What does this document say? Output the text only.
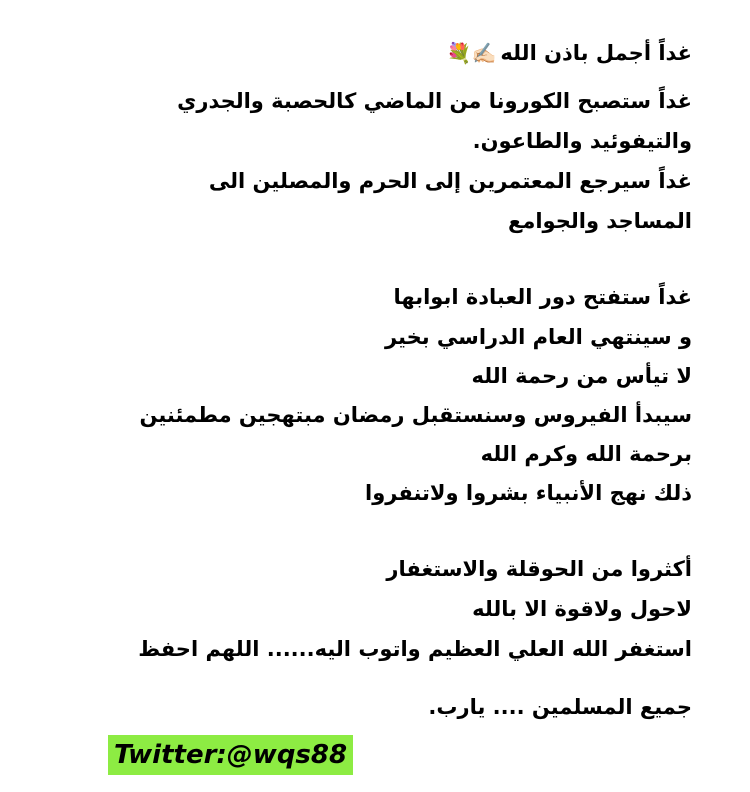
غداً أجمل باذن الله✍🏻💐
غداً ستصبح الكورونا من الماضي كالحصبة والجدري
والتيفوئيد والطاعون.
غداً سيرجع المعتمرين إلى الحرم والمصلين الى
المساجد والجوامع
غداً ستفتح دور العبادة ابوابها
و سينتهي العام الدراسي بخير
لا تيأس من رحمة الله
سيبدأ الفيروس وسنستقبل رمضان مبتهجين مطمئنين
برحمة الله وكرم الله
ذلك نهج الأنبياء بشروا ولاتنفروا
أكثروا من الحوقلة والاستغفار
لاحول ولاقوة الا بالله
استغفر الله العلي العظيم واتوب اليه...... اللهم احفظ
جميع المسلمين .... يارب.
Twitter:@wqs88
